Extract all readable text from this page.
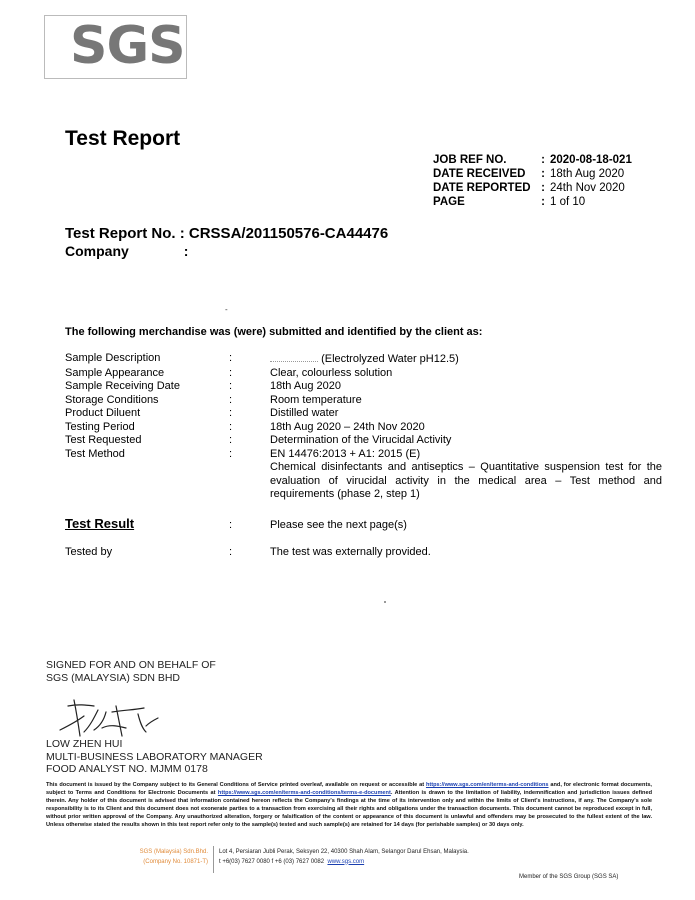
SGS
Test Report
JOB REF NO.	: 2020-08-18-021
DATE RECEIVED	: 18th Aug 2020
DATE REPORTED : 24th Nov 2020
PAGE	: 1 of 10
Test Report No. : CRSSA/201150576-CA44476
Company	:
-
The following merchandise was (were) submitted and identified by the client as:
Sample Description	:	(Electrolyzed Water pH12.5)
Sample Appearance	:	Clear, colourless solution
Sample Receiving Date	:	18th Aug 2020
Storage Conditions	:	Room temperature
Product Diluent	:	Distilled water
Testing Period	:	18th Aug 2020 – 24th Nov 2020
Test Requested	:	Determination of the Virucidal Activity
Test Method	:	EN 14476:2013 + A1: 2015 (E)
Chemical disinfectants and antiseptics – Quantitative suspension test for the evaluation of virucidal activity in the medical area – Test method and requirements (phase 2, step 1)
Test Result	:	Please see the next page(s)
Tested by	:	The test was externally provided.
SIGNED FOR AND ON BEHALF OF
SGS (MALAYSIA) SDN BHD
LOW ZHEN HUI
MULTI-BUSINESS LABORATORY MANAGER
FOOD ANALYST NO. MJMM 0178
This document is issued by the Company subject to its General Conditions of Service printed overleaf, available on request or accessible at https://www.sgs.com/en/terms-and-conditions and, for electronic format documents, subject to Terms and Conditions for Electronic Documents at https://www.sgs.com/en/terms-and-conditions/terms-e-document. Attention is drawn to the limitation of liability, indemnification and jurisdiction issues defined therein. Any holder of this document is advised that information contained hereon reflects the Company's findings at the time of its intervention only and within the limits of Client's instructions, if any. The Company's sole responsibility is to its Client and this document does not exonerate parties to a transaction from exercising all their rights and obligations under the transaction documents. This document cannot be reproduced except in full, without prior written approval of the Company. Any unauthorized alteration, forgery or falsification of the content or appearance of this document is unlawful and offenders may be prosecuted to the fullest extent of the law. Unless otherwise stated the results shown in this test report refer only to the sample(s) tested and such sample(s) are retained for 14 days (for perishable samples) or 30 days only.
SGS (Malaysia) Sdn.Bhd.
(Company No. 10871-T)
Lot 4, Persiaran Jubli Perak, Seksyen 22, 40300 Shah Alam, Selangor Darul Ehsan, Malaysia.
t +6(03) 7627 0080 f +6 (03) 7627 0082 www.sgs.com
Member of the SGS Group (SGS SA)
